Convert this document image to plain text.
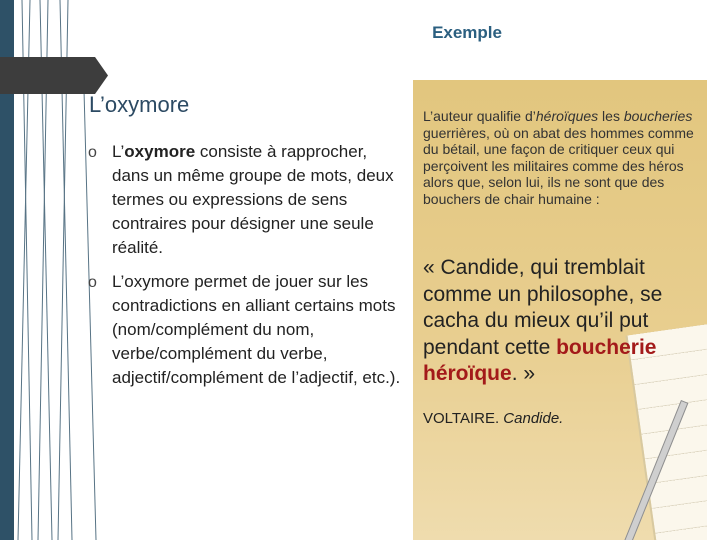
Exemple
L’oxymore
o L’oxymore consiste à rapprocher, dans un même groupe de mots, deux termes ou expressions de sens contraires pour désigner une seule réalité.
o L’oxymore permet de jouer sur les contradictions en alliant certains mots (nom/complément du nom, verbe/complément du verbe, adjectif/complément de l’adjectif, etc.).
L’auteur qualifie d’héroïques les boucheries guerrières, où on abat des hommes comme du bétail, une façon de critiquer ceux qui perçoivent les militaires comme des héros alors que, selon lui, ils ne sont que des bouchers de chair humaine :
« Candide, qui tremblait comme un philosophe, se cacha du mieux qu’il put pendant cette boucherie héroïque. »
VOLTAIRE. Candide.
